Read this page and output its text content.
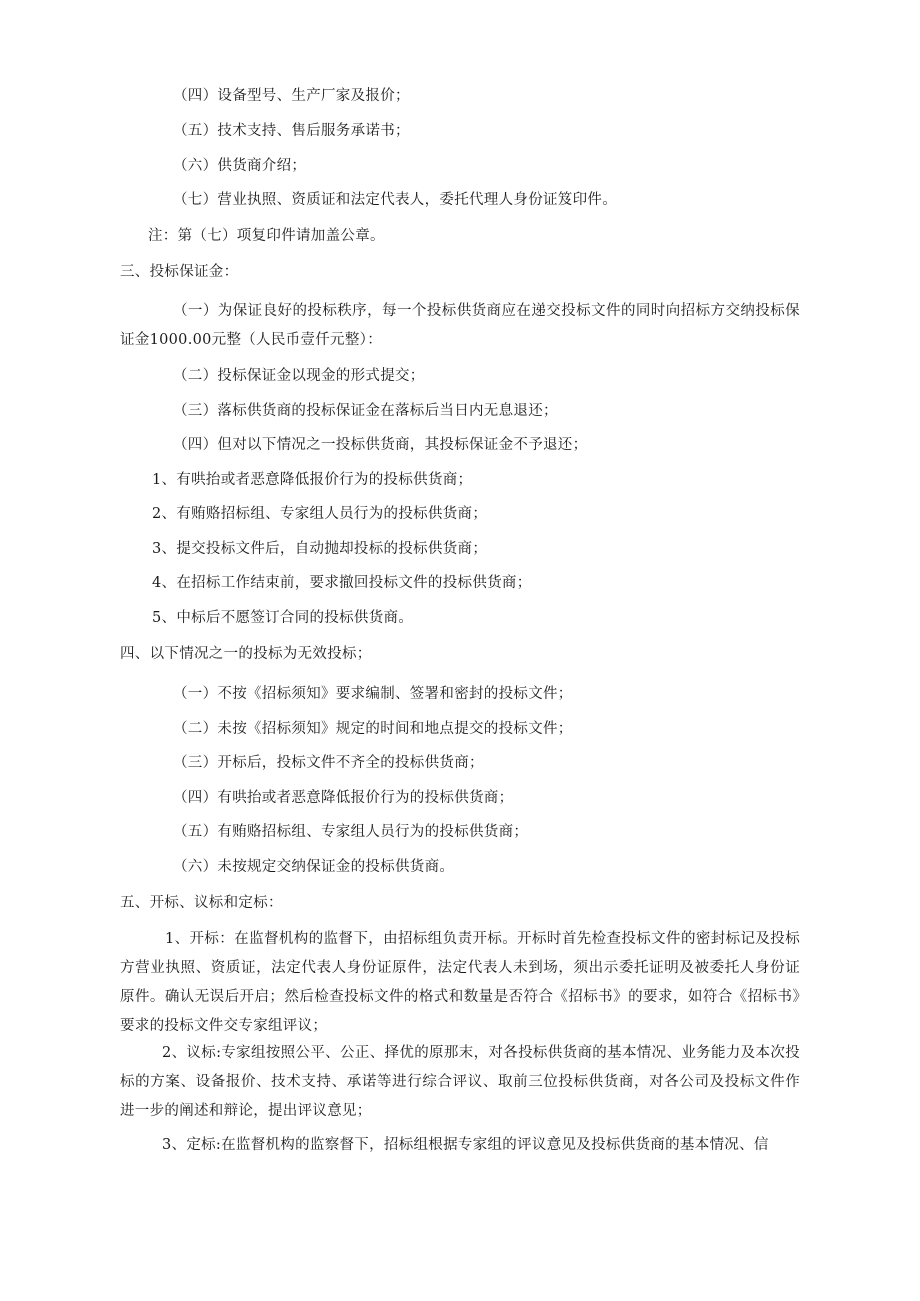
（四）设备型号、生产厂家及报价；
（五）技术支持、售后服务承诺书；
（六）供货商介绍；
（七）营业执照、资质证和法定代表人，委托代理人身份证笈印件。
注：第（七）项复印件请加盖公章。
三、投标保证金：
（一）为保证良好的投标秩序，每一个投标供货商应在递交投标文件的同时向招标方交纳投标保证金1000.00元整（人民币壹仟元整）：
（二）投标保证金以现金的形式提交；
（三）落标供货商的投标保证金在落标后当日内无息退还；
（四）但对以下情况之一投标供货商，其投标保证金不予退还；
1、有哄抬或者恶意降低报价行为的投标供货商；
2、有贿赂招标组、专家组人员行为的投标供货商；
3、提交投标文件后，自动抛却投标的投标供货商；
4、在招标工作结束前，要求撤回投标文件的投标供货商；
5、中标后不愿签订合同的投标供货商。
四、以下情况之一的投标为无效投标；
（一）不按《招标须知》要求编制、签署和密封的投标文件；
（二）未按《招标须知》规定的时间和地点提交的投标文件；
（三）开标后，投标文件不齐全的投标供货商；
（四）有哄抬或者恶意降低报价行为的投标供货商；
（五）有贿赂招标组、专家组人员行为的投标供货商；
（六）未按规定交纳保证金的投标供货商。
五、开标、议标和定标：
1、开标：在监督机构的监督下，由招标组负责开标。开标时首先检查投标文件的密封标记及投标方营业执照、资质证，法定代表人身份证原件，法定代表人未到场，须出示委托证明及被委托人身份证原件。确认无误后开启；然后检查投标文件的格式和数量是否符合《招标书》的要求，如符合《招标书》要求的投标文件交专家组评议；
2、议标:专家组按照公平、公正、择优的原那末，对各投标供货商的基本情况、业务能力及本次投标的方案、设备报价、技术支持、承诺等进行综合评议、取前三位投标供货商，对各公司及投标文件作进一步的阐述和辩论，提出评议意见；
3、定标:在监督机构的监察督下，招标组根据专家组的评议意见及投标供货商的基本情况、信
